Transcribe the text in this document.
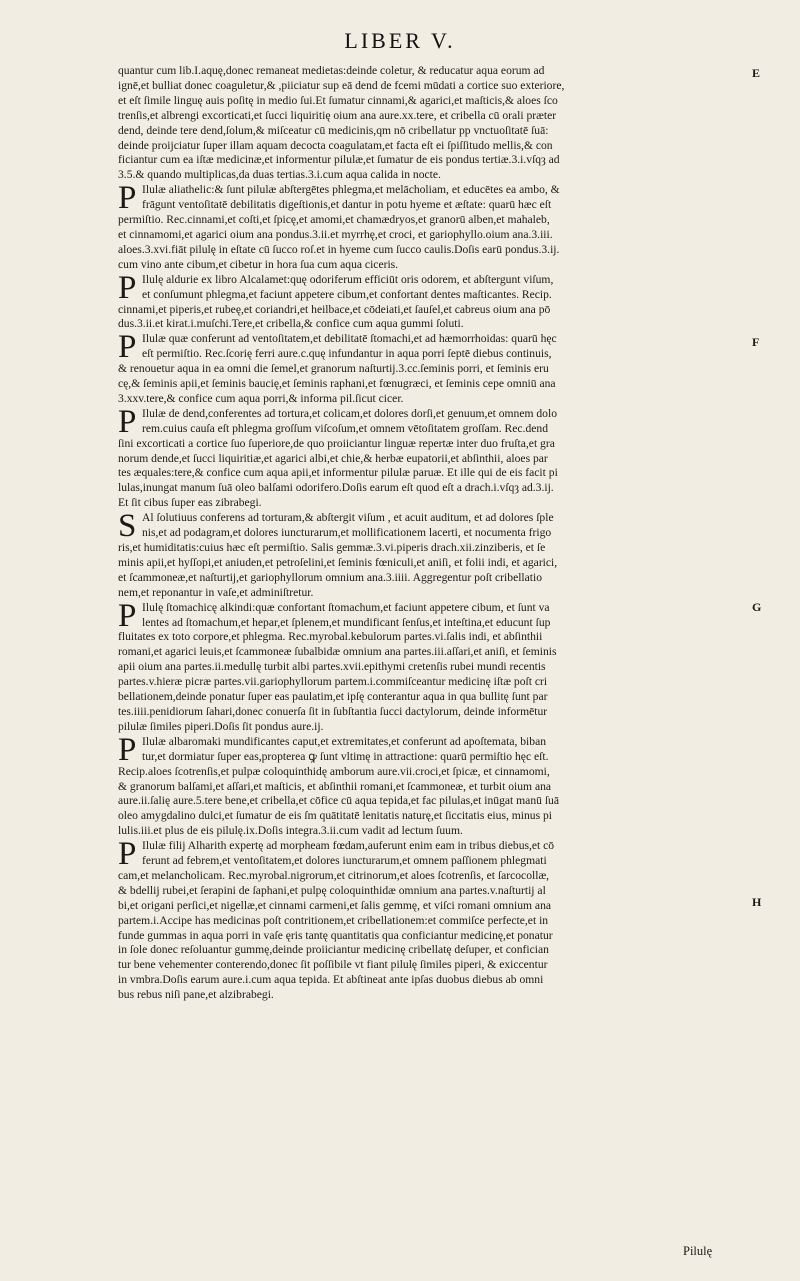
LIBER V.

quantur cum lib.I.aquę,donec remaneat medietas:deinde coletur, & reducatur aqua eorum ad
ignē,et bulliat donec coaguletur,& ,piiciatur sup eā dend de fcemi mūdati a cortice suo exteriore,
et eſt ſimile linguę auis poſitę in medio ſui.Et ſumatur cinnami,& agarici,et maſticis,& aloes ſco
trenſis,et albrengi excorticati,et ſucci liquiritię oium ana aure.xx.tere, et cribella cū orali præter
dend, deinde tere dend,ſolum,& miſceatur cū medicinis,qm nō cribellatur pp vnctuoſitatē ſuā:
deinde proijciatur ſuper illam aquam decocta coagulatam,et facta eſt ei ſpiſſitudo mellis,& con
ficiantur cum ea iſtæ medicinæ,et informentur pilulæ,et ſumatur de eis pondus tertiæ.3.i.vſqȝ ad
3.5.& quando multiplicas,da duas tertias.3.i.cum aqua calida in nocte.

P Ilulæ aliathelic:& ſunt pilulæ abſtergētes phlegma,et melācholiam, et educētes ea ambo, &
frāgunt ventoſitatē debilitatis digeſtionis,et dantur in potu hyeme et æſtate: quarū hæc eſt
permiſtio. Rec.cinnami,et coſti,et ſpicę,et amomi,et chamædryos,et granorū alben,et mahaleb,
et cinnamomi,et agarici oium ana pondus.3.ii.et myrrhę,et croci, et gariophyllo.oium ana.3.iii.
aloes.3.xvi.fiāt pilulę in eſtate cū ſucco roſ.et in hyeme cum ſucco caulis.Doſis earū pondus.3.ij.
cum vino ante cibum,et cibetur in hora ſua cum aqua ciceris.

P Ilulę aldurie ex libro Alcalamet:quę odoriferum efficiūt oris odorem, et abſtergunt viſum,
et conſumunt phlegma,et faciunt appetere cibum,et confortant dentes maſticantes. Recip.
cinnami,et piperis,et rubeę,et coriandri,et heilbace,et cōdeiati,et ſauſel,et cabreus oium ana pō
dus.3.ii.et kirat.i.muſchi.Tere,et cribella,& confice cum aqua gummi ſoluti.

P Ilulæ quæ conferunt ad ventoſitatem,et debilitatē ſtomachi,et ad hæmorrhoidas: quarū hęc
eſt permiſtio. Rec.ſcorię ferri aure.c.quę infundantur in aqua porri ſeptē diebus continuis,
& renouetur aqua in ea omni die ſemel,et granorum naſturtij.3.cc.ſeminis porri, et ſeminis eru
cę,& ſeminis apii,et ſeminis baucię,et ſeminis raphani,et fœnugræci, et ſeminis cepe omniū ana
3.xxv.tere,& confice cum aqua porri,& informa pil.ſicut cicer.

P Ilulæ de dend,conferentes ad tortura,et colicam,et dolores dorſi,et genuum,et omnem dolo
rem.cuius cauſa eſt phlegma groſſum viſcoſum,et omnem vētoſitatem groſſam. Rec.dend
ſini excorticati a cortice ſuo ſuperiore,de quo proiiciantur linguæ repertæ inter duo fruſta,et gra
norum dende,et ſucci liquiritiæ,et agarici albi,et chie,& herbæ eupatorii,et abſinthii, aloes par
tes æquales:tere,& confice cum aqua apii,et informentur pilulæ paruæ. Et ille qui de eis facit pi
lulas,inungat manum ſuā oleo balſami odorifero.Doſis earum eſt quod eſt a drach.i.vſqȝ ad.3.ij.
Et ſit cibus ſuper eas zibrabegi.

S Al ſolutiuus conferens ad torturam,& abſtergit viſum , et acuit auditum, et ad dolores ſple
nis,et ad podagram,et dolores iuncturarum,et mollificationem lacerti, et nocumenta frigo
ris,et humiditatis:cuius hæc eſt permiſtio. Salis gemmæ.3.vi.piperis drach.xii.zinziberis, et ſe
minis apii,et hyſſopi,et aniuden,et petroſelini,et ſeminis fœniculi,et aniſi, et folii indi, et agarici,
et ſcammoneæ,et naſturtij,et gariophyllorum omnium ana.3.iiii. Aggregentur poſt cribellatio
nem,et reponantur in vaſe,et adminiſtretur.

P Ilulę ſtomachicę alkindi:quæ confortant ſtomachum,et faciunt appetere cibum, et ſunt va
lentes ad ſtomachum,et hepar,et ſplenem,et mundificant ſenſus,et inteſtina,et educunt ſup
fluitates ex toto corpore,et phlegma. Rec.myrobal.kebulorum partes.vi.ſalis indi, et abſinthii
romani,et agarici leuis,et ſcammoneæ ſubalbidæ omnium ana partes.iii.aſſari,et aniſi, et ſeminis
apii oium ana partes.ii.medullę turbit albi partes.xvii.epithymi cretenſis rubei mundi recentis
partes.v.hieræ picræ partes.vii.gariophyllorum partem.i.commiſceantur medicinę iſtæ poſt cri
bellationem,deinde ponatur ſuper eas paulatim,et ipſę conterantur aqua in qua bullitę ſunt par
tes.iiii.penidiorum ſahari,donec conuerſa ſit in ſubſtantia ſucci dactylorum, deinde informētur
pilulæ ſimiles piperi.Doſis ſit pondus aure.ij.

P Ilulæ albaromaki mundificantes caput,et extremitates,et conferunt ad apoſtemata, biban
tur,et dormiatur ſuper eas,propterea ꝙ ſunt vltimę in attractione: quarū permiſtio hęc eſt.
Recip.aloes ſcotrenſis,et pulpæ coloquinthidę amborum aure.vii.croci,et ſpicæ, et cinnamomi,
& granorum balſami,et aſſari,et maſticis, et abſinthii romani,et ſcammoneæ, et turbit oium ana
aure.ii.ſalię aure.5.tere bene,et cribella,et cōfice cū aqua tepida,et fac pilulas,et inūgat manū ſuā
oleo amygdalino dulci,et ſumatur de eis ſm quātitatē lenitatis naturę,et ſiccitatis eius, minus pi
lulis.iii.et plus de eis pilulę.ix.Doſis integra.3.ii.cum vadit ad lectum ſuum.

P Ilulæ filij Alharith expertę ad morpheam fœdam,auferunt enim eam in tribus diebus,et cō
ferunt ad febrem,et ventoſitatem,et dolores iuncturarum,et omnem paſſionem phlegmati
cam,et melancholicam. Rec.myrobal.nigrorum,et citrinorum,et aloes ſcotrenſis, et ſarcocollæ,
& bdellij rubei,et ſerapini de ſaphani,et pulpę coloquinthidæ omnium ana partes.v.naſturtij al
bi,et origani perſici,et nigellæ,et cinnami carmeni,et ſalis gemmę, et viſci romani omnium ana
partem.i.Accipe has medicinas poſt contritionem,et cribellationem:et commiſce perfecte,et in
funde gummas in aqua porri in vaſe ęris tantę quantitatis qua conficiantur medicinę,et ponatur
in ſole donec reſoluantur gummę,deinde proiiciantur medicinę cribellatę deſuper, et confician
tur bene vehementer conterendo,donec ſit poſſibile vt fiant pilulę ſimiles piperi, & exiccentur
in vmbra.Doſis earum aure.i.cum aqua tepida. Et abſtineat ante ipſas duobus diebus ab omni
bus rebus niſi pane,et alzibrabegi.

E
F
G
H
Pilulę
